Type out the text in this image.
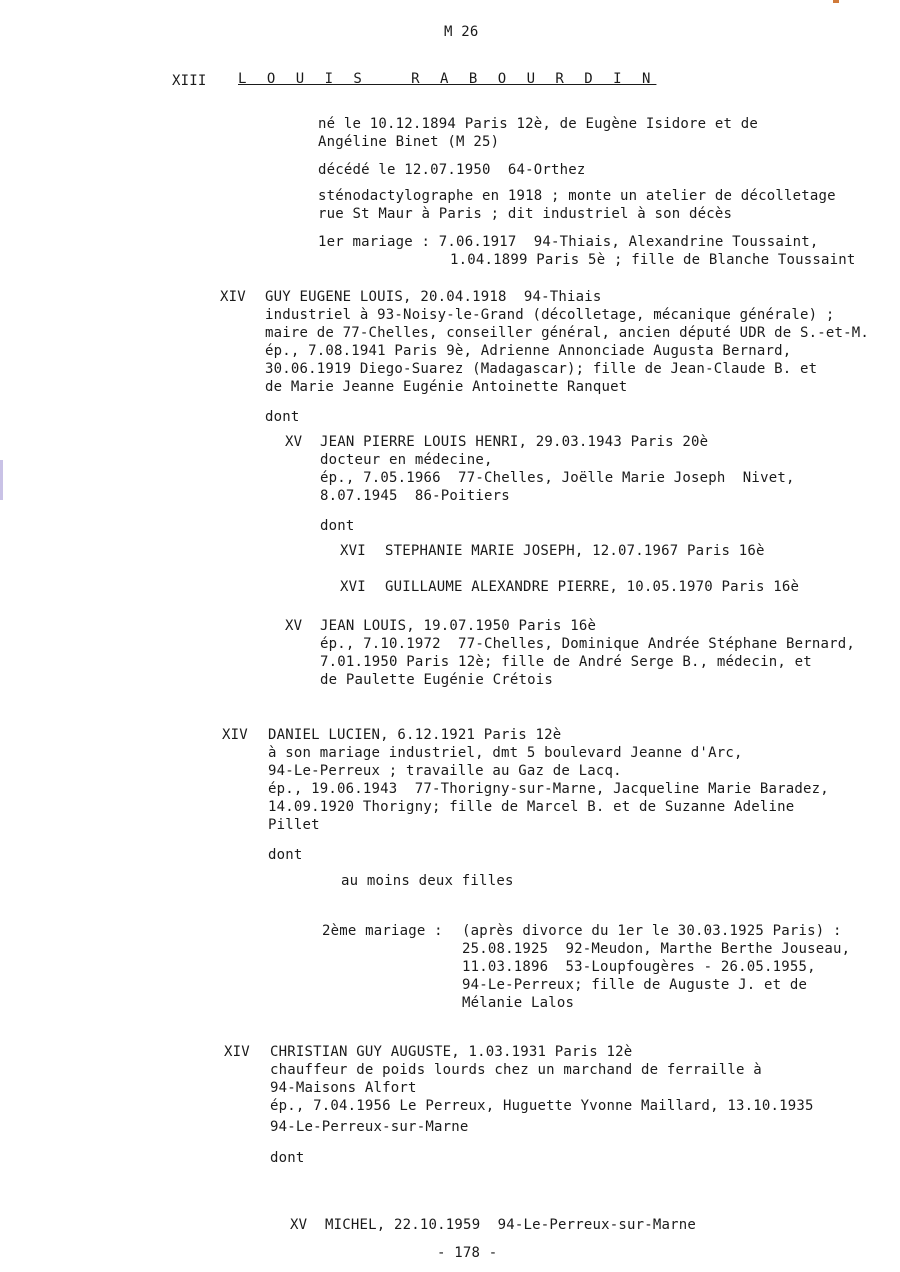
M 26
XIII L O U I S   R A B O U R D I N
né le 10.12.1894 Paris 12è, de Eugène Isidore et de
Angéline Binet (M 25)
décédé le 12.07.1950  64-Orthez
sténodactylographe en 1918 ; monte un atelier de décolletage
rue St Maur à Paris ; dit industriel à son décès
1er mariage : 7.06.1917  94-Thiais, Alexandrine Toussaint,
1.04.1899 Paris 5è ; fille de Blanche Toussaint
XIV GUY EUGENE LOUIS, 20.04.1918  94-Thiais
industriel à 93-Noisy-le-Grand (décolletage, mécanique générale) ;
maire de 77-Chelles, conseiller général, ancien député UDR de S.-et-M.
ép., 7.08.1941 Paris 9è, Adrienne Annonciade Augusta Bernard,
30.06.1919 Diego-Suarez (Madagascar); fille de Jean-Claude B. et
de Marie Jeanne Eugénie Antoinette Ranquet
dont
XV JEAN PIERRE LOUIS HENRI, 29.03.1943 Paris 20è
docteur en médecine,
ép., 7.05.1966  77-Chelles, Joëlle Marie Joseph  Nivet,
8.07.1945  86-Poitiers
dont
XVI STEPHANIE MARIE JOSEPH, 12.07.1967 Paris 16è
XVI GUILLAUME ALEXANDRE PIERRE, 10.05.1970 Paris 16è
XV JEAN LOUIS, 19.07.1950 Paris 16è
ép., 7.10.1972  77-Chelles, Dominique Andrée Stéphane Bernard,
7.01.1950 Paris 12è; fille de André Serge B., médecin, et
de Paulette Eugénie Crétois
XIV DANIEL LUCIEN, 6.12.1921 Paris 12è
à son mariage industriel, dmt 5 boulevard Jeanne d'Arc,
94-Le-Perreux ; travaille au Gaz de Lacq.
ép., 19.06.1943  77-Thorigny-sur-Marne, Jacqueline Marie Baradez,
14.09.1920 Thorigny; fille de Marcel B. et de Suzanne Adeline
Pillet
dont
au moins deux filles
2ème mariage : (après divorce du 1er le 30.03.1925 Paris) :
25.08.1925  92-Meudon, Marthe Berthe Jouseau,
11.03.1896  53-Loupfougères - 26.05.1955,
94-Le-Perreux; fille de Auguste J. et de
Mélanie Lalos
XIV CHRISTIAN GUY AUGUSTE, 1.03.1931 Paris 12è
chauffeur de poids lourds chez un marchand de ferraille à
94-Maisons Alfort
ép., 7.04.1956 Le Perreux, Huguette Yvonne Maillard, 13.10.1935
94-Le-Perreux-sur-Marne
dont
XV MICHEL, 22.10.1959  94-Le-Perreux-sur-Marne
- 178 -
